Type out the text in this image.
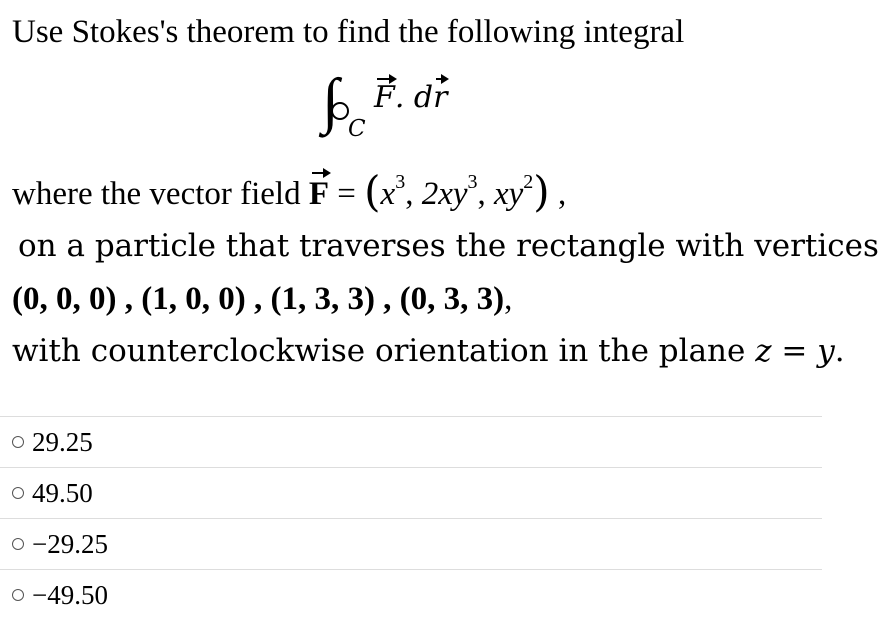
Use Stokes's theorem to find the following integral
∫ C
F. dr
where the vector field $F = (x^3$, $2xy^3$, $xy^2$) ,
on a particle that traverses the rectangle with vertices
(0, 0, 0) , (1, 0, 0) , (1, 3, 3) , (0, 3, 3),
with counterclockwise orientation in the plane z = y.
29.25
49.50
−29.25
−49.50
